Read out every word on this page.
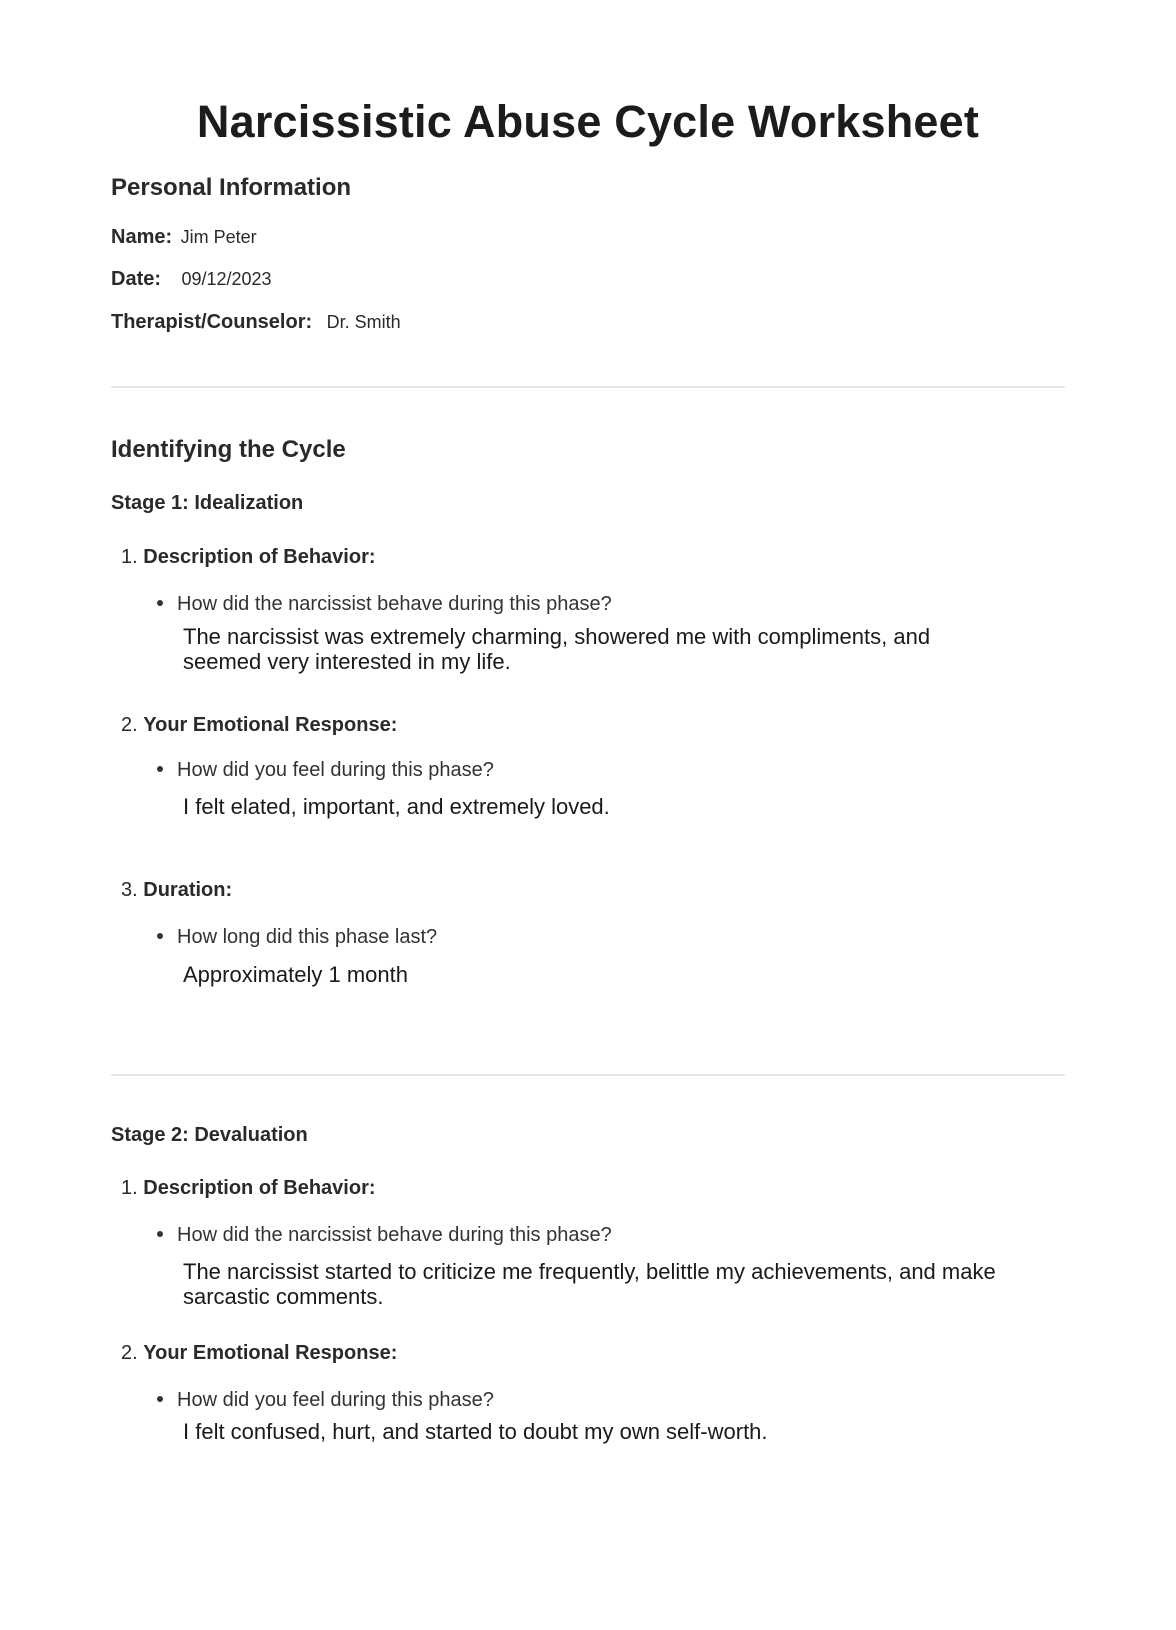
Narcissistic Abuse Cycle Worksheet
Personal Information
Name: Jim Peter
Date: 09/12/2023
Therapist/Counselor: Dr. Smith
Identifying the Cycle
Stage 1: Idealization
1. Description of Behavior:
How did the narcissist behave during this phase?
The narcissist was extremely charming, showered me with compliments, and seemed very interested in my life.
2. Your Emotional Response:
How did you feel during this phase?
I felt elated, important, and extremely loved.
3. Duration:
How long did this phase last?
Approximately 1 month
Stage 2: Devaluation
1. Description of Behavior:
How did the narcissist behave during this phase?
The narcissist started to criticize me frequently, belittle my achievements, and make sarcastic comments.
2. Your Emotional Response:
How did you feel during this phase?
I felt confused, hurt, and started to doubt my own self-worth.
